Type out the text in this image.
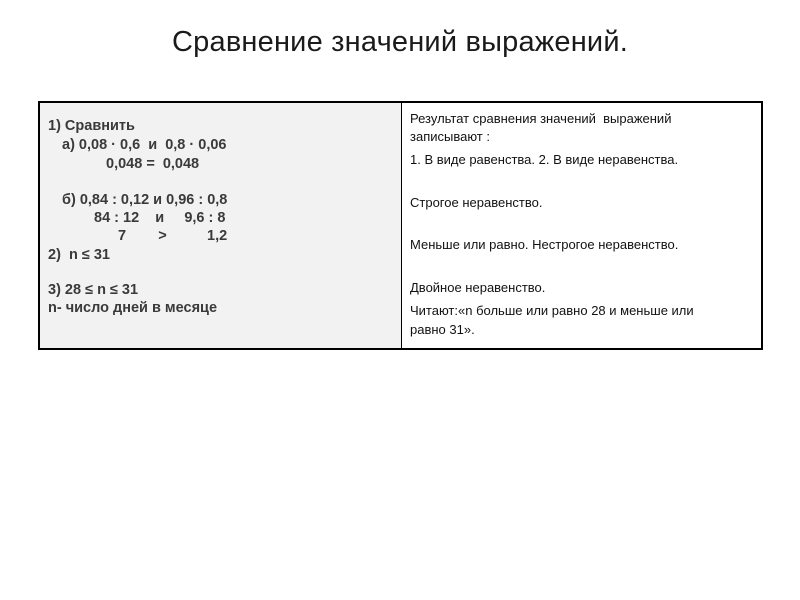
Сравнение значений выражений.
1) Сравнить
а) 0,08 · 0,6  и  0,8 · 0,06
0,048 =  0,048
б) 0,84 : 0,12 и 0,96 : 0,8
84 : 12    и     9,6 : 8
7        >          1,2
2)  n ≤ 31
3) 28 ≤ n ≤ 31
n- число дней в месяце
Результат сравнения значений  выражений
записывают :
1. В виде равенства. 2. В виде неравенства.
Строгое неравенство.
Меньше или равно. Нестрогое неравенство.
Двойное неравенство.
Читают:«n больше или равно 28 и меньше или
равно 31».
